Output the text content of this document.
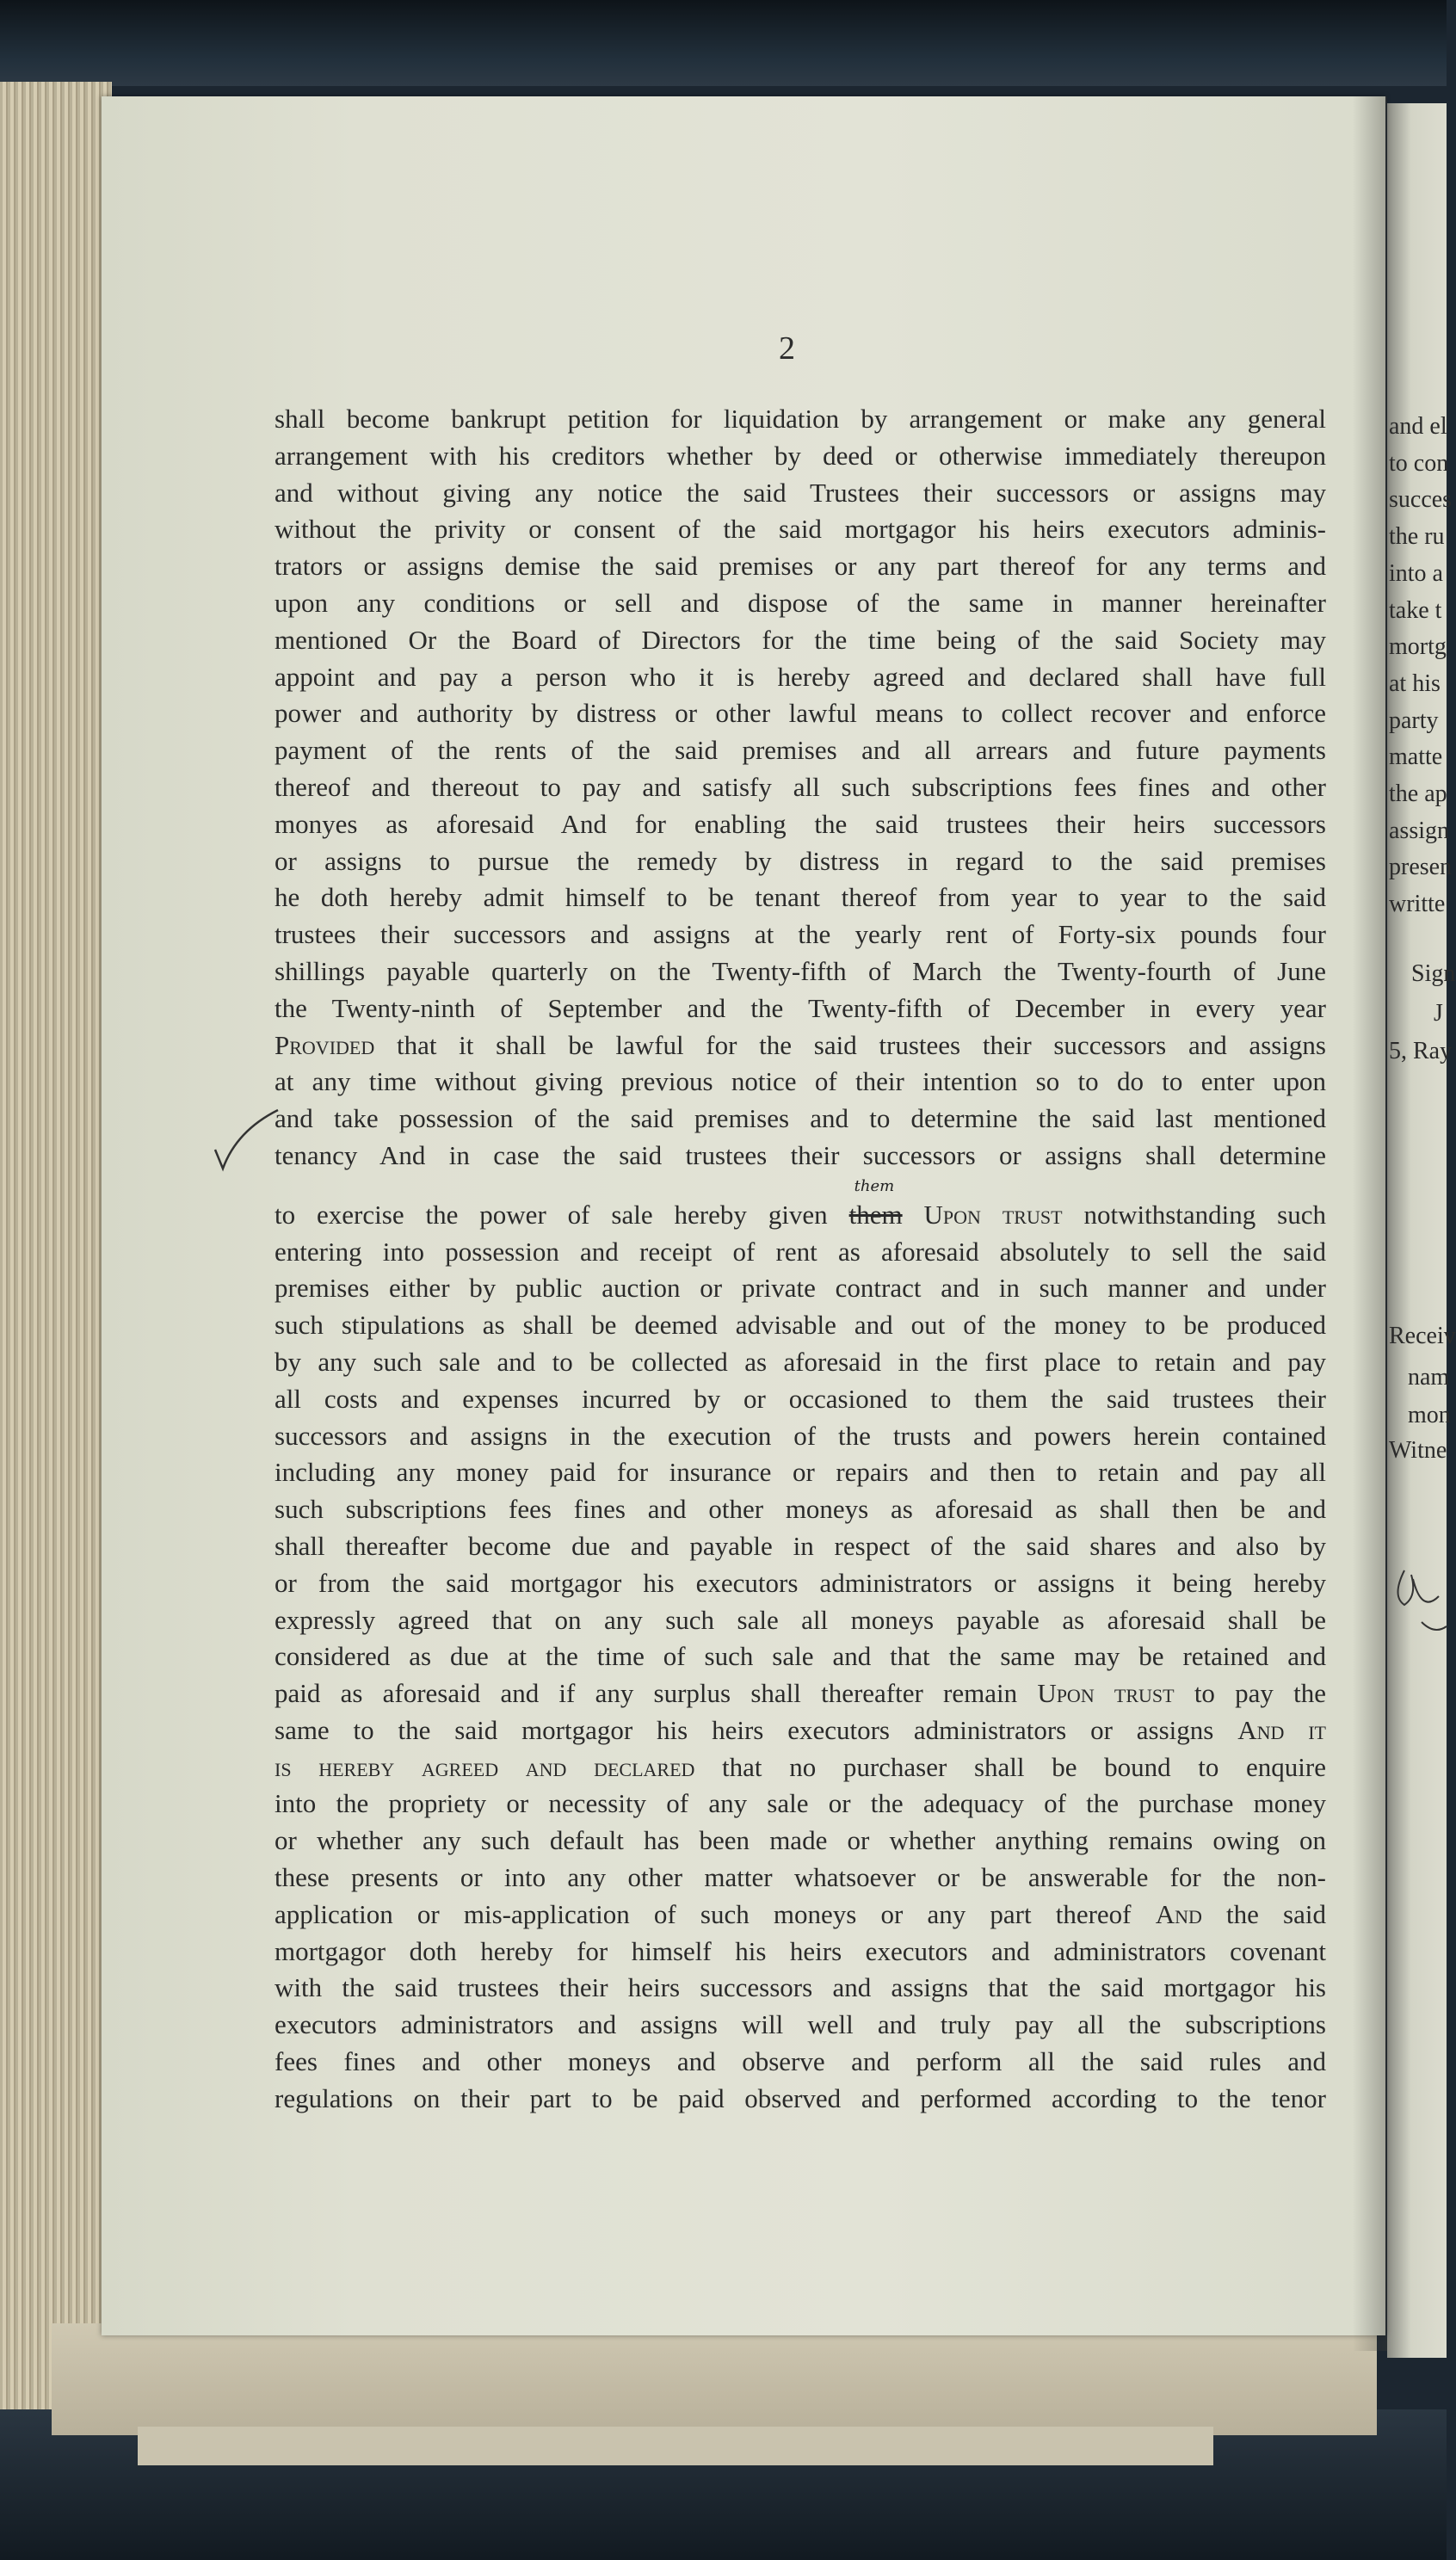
2
shall become bankrupt petition for liquidation by arrangement or make any general
arrangement with his creditors whether by deed or otherwise immediately thereupon
and without giving any notice the said Trustees their successors or assigns may
without the privity or consent of the said mortgagor his heirs executors adminis-
trators or assigns demise the said premises or any part thereof for any terms and
upon any conditions or sell and dispose of the same in manner hereinafter
mentioned Or the Board of Directors for the time being of the said Society may
appoint and pay a person who it is hereby agreed and declared shall have full
power and authority by distress or other lawful means to collect recover and enforce
payment of the rents of the said premises and all arrears and future payments
thereof and thereout to pay and satisfy all such subscriptions fees fines and other
monyes as aforesaid And for enabling the said trustees their heirs successors
or assigns to pursue the remedy by distress in regard to the said premises
he doth hereby admit himself to be tenant thereof from year to year to the said
trustees their successors and assigns at the yearly rent of Forty-six pounds four
shillings payable quarterly on the Twenty-fifth of March the Twenty-fourth of June
the Twenty-ninth of September and the Twenty-fifth of December in every year
Provided that it shall be lawful for the said trustees their successors and assigns
at any time without giving previous notice of their intention so to do to enter upon
and take possession of the said premises and to determine the said last mentioned
tenancy And in case the said trustees their successors or assigns shall determine
to exercise the power of sale hereby given them
them
Upon trust notwithstanding such
entering into possession and receipt of rent as aforesaid absolutely to sell the said
premises either by public auction or private contract and in such manner and under
such stipulations as shall be deemed advisable and out of the money to be produced
by any such sale and to be collected as aforesaid in the first place to retain and pay
all costs and expenses incurred by or occasioned to them the said trustees their
successors and assigns in the execution of the trusts and powers herein contained
including any money paid for insurance or repairs and then to retain and pay all
such subscriptions fees fines and other moneys as aforesaid as shall then be and
shall thereafter become due and payable in respect of the said shares and also by
or from the said mortgagor his executors administrators or assigns it being hereby
expressly agreed that on any such sale all moneys payable as aforesaid shall be
considered as due at the time of such sale and that the same may be retained and
paid as aforesaid and if any surplus shall thereafter remain Upon trust to pay the
same to the said mortgagor his heirs executors administrators or assigns And it
is hereby agreed and declared that no purchaser shall be bound to enquire
into the propriety or necessity of any sale or the adequacy of the purchase money
or whether any such default has been made or whether anything remains owing on
these presents or into any other matter whatsoever or be answerable for the non-
application or mis-application of such moneys or any part thereof And the said
mortgagor doth hereby for himself his heirs executors and administrators covenant
with the said trustees their heirs successors and assigns that the said mortgagor his
executors administrators and assigns will well and truly pay all the subscriptions
fees fines and other moneys and observe and perform all the said rules and
regulations on their part to be paid observed and performed according to the tenor
and el
to con
succes
the ru
into a
take t
mortg
at his
party
matte
the ap
assign
presen
writte
Sign
J
5, Ray
Receiv
nam
mon
Witne
